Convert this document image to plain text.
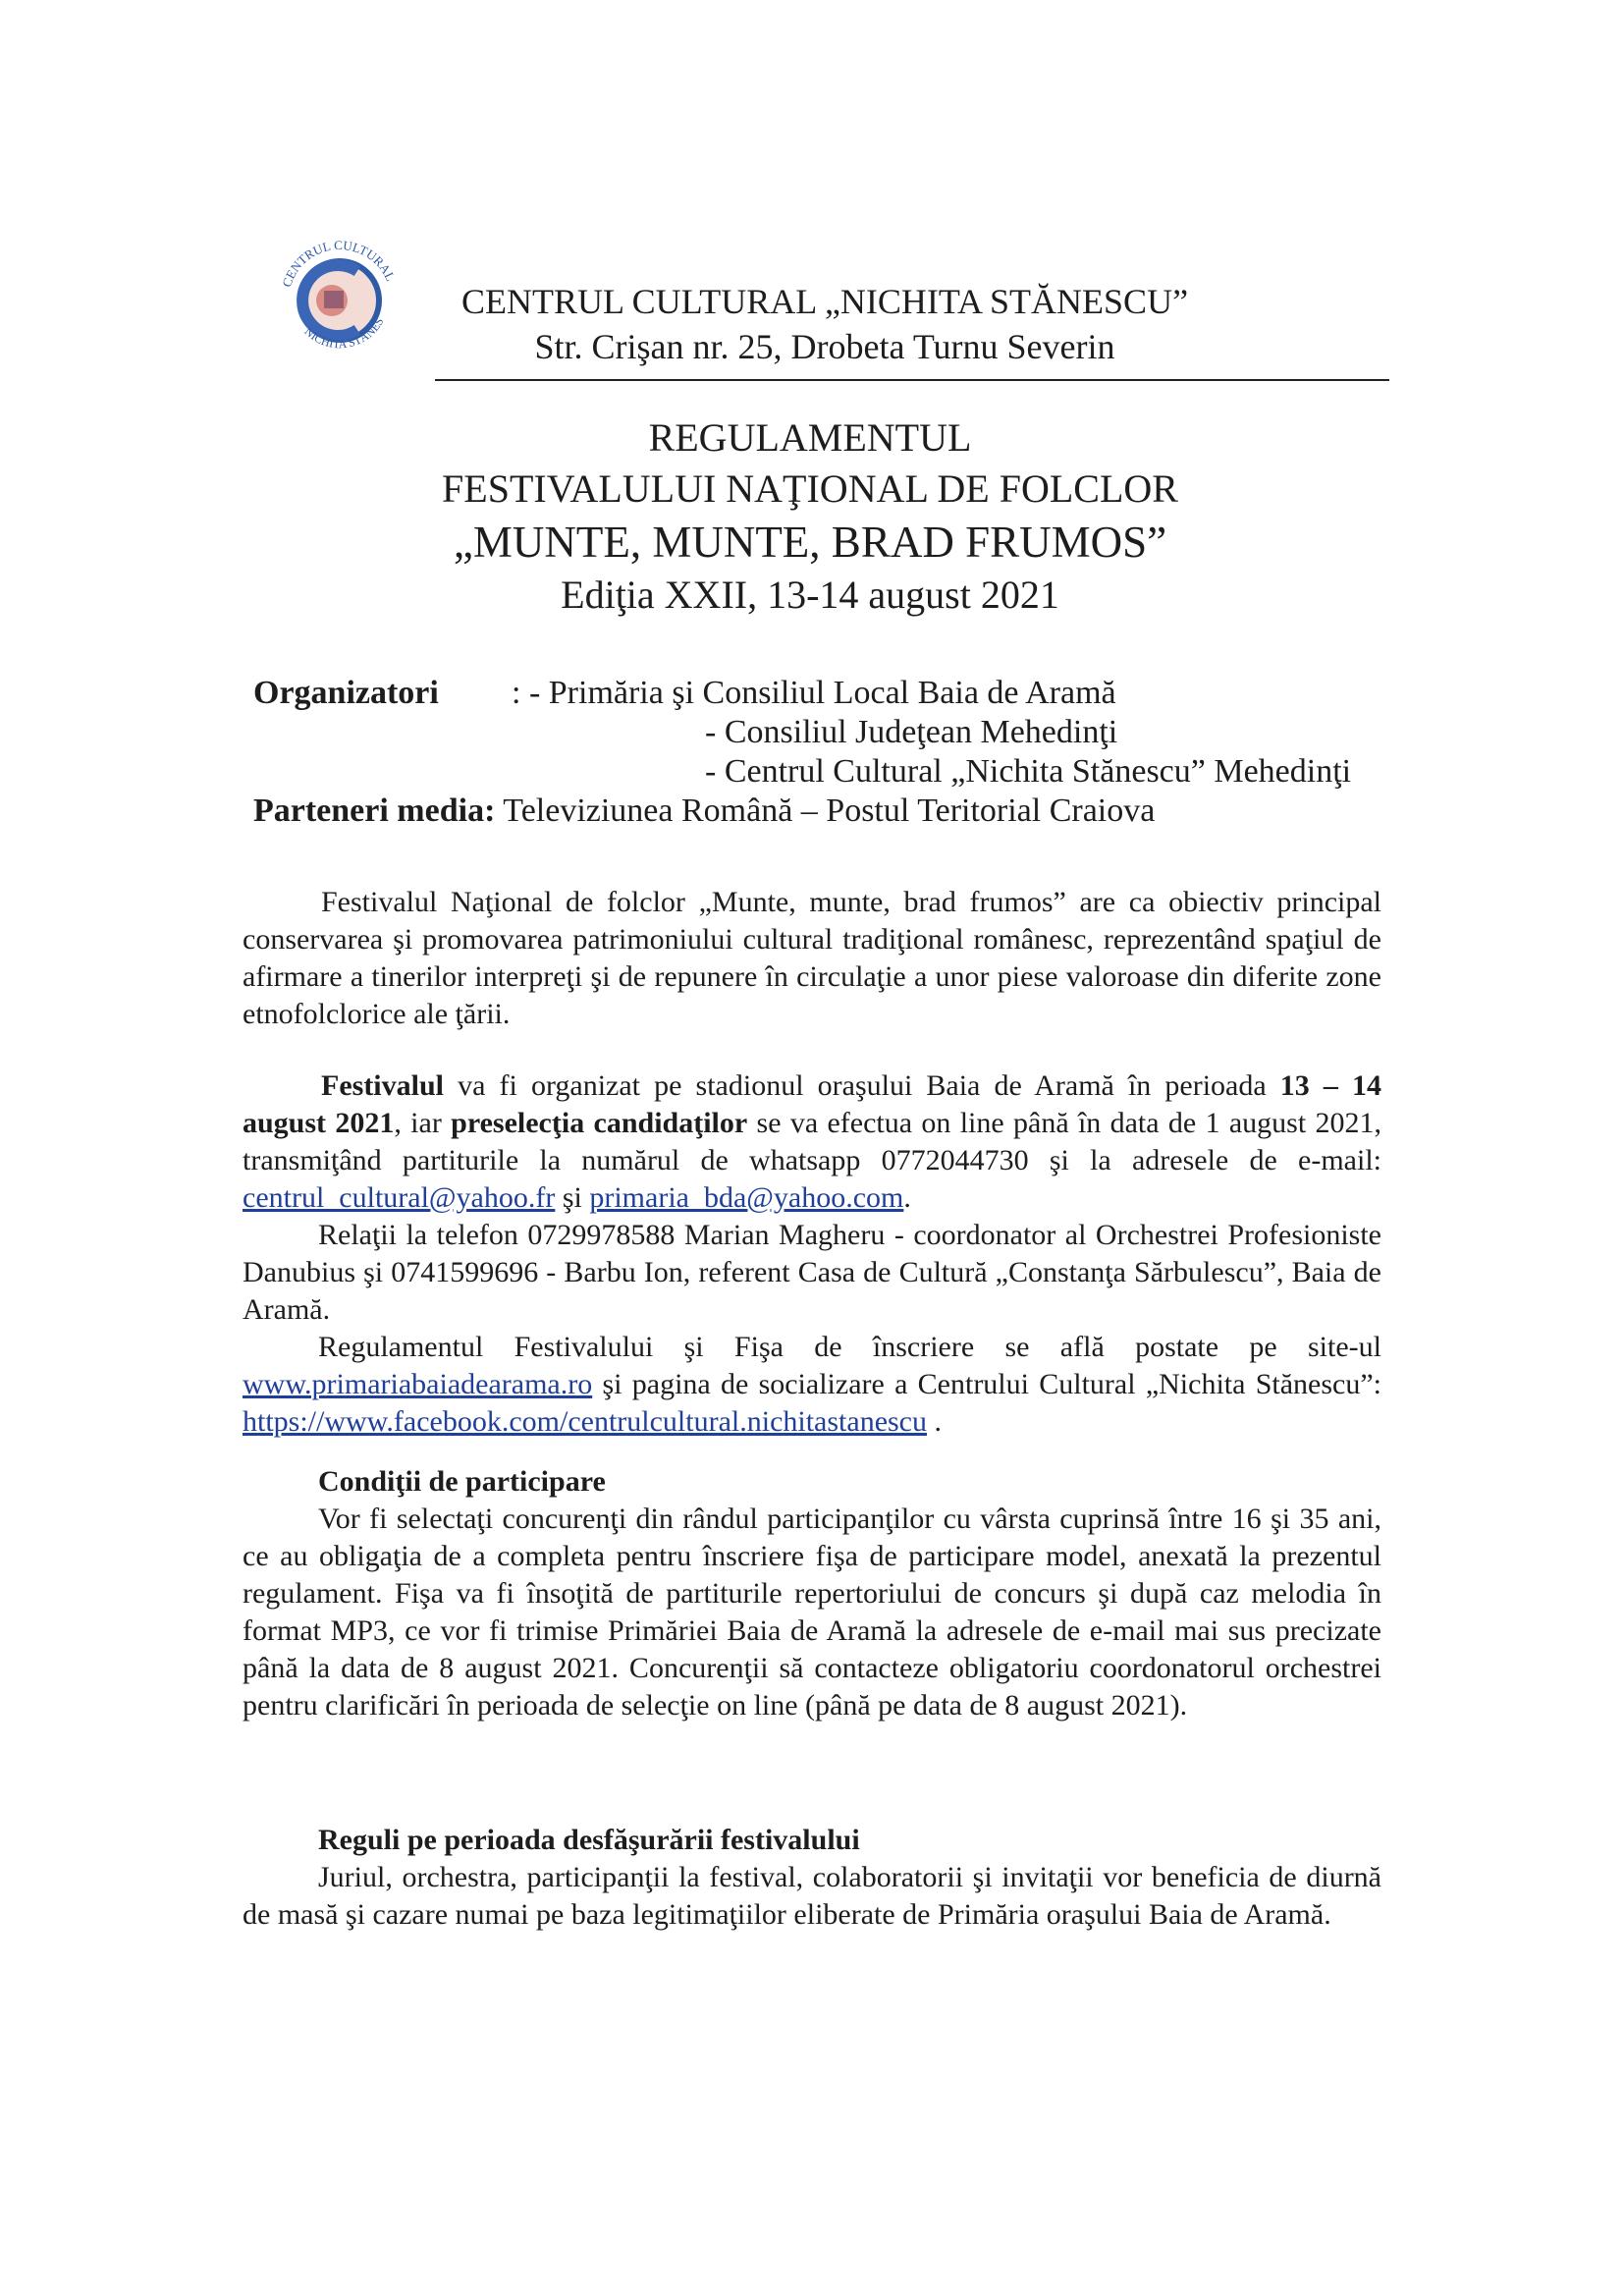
CENTRUL CULTURAL
NICHITA STĂNES
CENTRUL CULTURAL „NICHITA STĂNESCU”
Str. Crişan nr. 25, Drobeta Turnu Severin
REGULAMENTUL
FESTIVALULUI NAŢIONAL DE FOLCLOR
„MUNTE, MUNTE, BRAD FRUMOS”
Ediţia XXII, 13-14 august 2021
Organizatori : - Primăria şi Consiliul Local Baia de Aramă
- Consiliul Judeţean Mehedinţi
- Centrul Cultural „Nichita Stănescu” Mehedinţi
Parteneri media: Televiziunea Română – Postul Teritorial Craiova
Festivalul Naţional de folclor „Munte, munte, brad frumos” are ca obiectiv principal conservarea şi promovarea patrimoniului cultural tradiţional românesc, reprezentând spaţiul de afirmare a tinerilor interpreţi şi de repunere în circulaţie a unor piese valoroase din diferite zone etnofolclorice ale ţării.
Festivalul va fi organizat pe stadionul oraşului Baia de Aramă în perioada 13 – 14 august 2021, iar preselecţia candidaţilor se va efectua on line până în data de 1 august 2021, transmiţând partiturile la numărul de whatsapp 0772044730 şi la adresele de e-mail: centrul_cultural@yahoo.fr şi primaria_bda@yahoo.com.
Relaţii la telefon 0729978588 Marian Magheru - coordonator al Orchestrei Profesioniste Danubius şi 0741599696 - Barbu Ion, referent Casa de Cultură „Constanţa Sărbulescu”, Baia de Aramă.
Regulamentul Festivalului şi Fişa de înscriere se află postate pe site-ul www.primariabaiadearama.ro şi pagina de socializare a Centrului Cultural „Nichita Stănescu”: https://www.facebook.com/centrulcultural.nichitastanescu .
Condiţii de participare
Vor fi selectaţi concurenţi din rândul participanţilor cu vârsta cuprinsă între 16 şi 35 ani, ce au obligaţia de a completa pentru înscriere fişa de participare model, anexată la prezentul regulament. Fişa va fi însoţită de partiturile repertoriului de concurs şi după caz melodia în format MP3, ce vor fi trimise Primăriei Baia de Aramă la adresele de e-mail mai sus precizate până la data de 8 august 2021. Concurenţii să contacteze obligatoriu coordonatorul orchestrei pentru clarificări în perioada de selecţie on line (până pe data de 8 august 2021).
Reguli pe perioada desfăşurării festivalului
Juriul, orchestra, participanţii la festival, colaboratorii şi invitaţii vor beneficia de diurnă de masă şi cazare numai pe baza legitimaţiilor eliberate de Primăria oraşului Baia de Aramă.
